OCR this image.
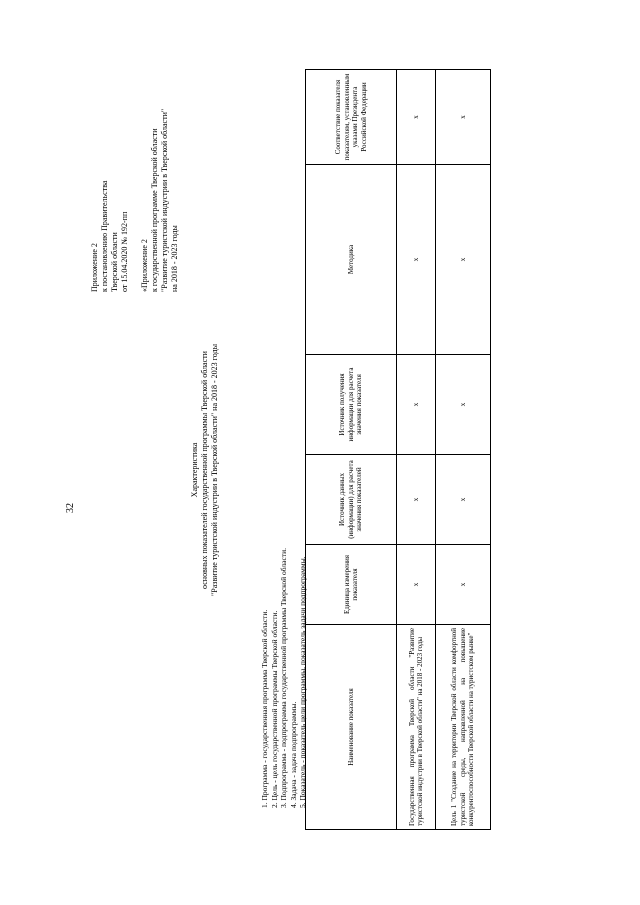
32
Приложение 2 к постановлению Правительства Тверской области от 15.04.2020 № 192-пп «Приложение 2 к государственной программе Тверской области "Развитие туристской индустрии в Тверской области" на 2018 - 2023 годы
Характеристика основных показателей государственной программы Тверской области "Развитие туристской индустрии в Тверской области" на 2018 - 2023 годы
1. Программа - государственная программа Тверской области. 2. Цель - цель государственной программы Тверской области. 3. Подпрограмма - подпрограмма государственной программы Тверской области. 4. Задача - задача подпрограммы. 5. Показатель - показатель цели программы, показатель задачи подпрограммы.	Наименование показателя	Единица измерения показателя	Источник данных (информации) для расчета значения показателей	Источник получения информации для расчета значения показателя	Методика	Соответствие показателя показателям, установленным указами Президента Российской Федерации
Государственная программа Тверской области "Развитие туристской индустрии в Тверской области" на 2018 - 2023 годы	x	x	x	x	x
Цель 1 "Создание на территории Тверской области комфортной туристской среды, направленной на повышение конкурентоспособности Тверской области на туристском рынке"	x	x	x	x	x
